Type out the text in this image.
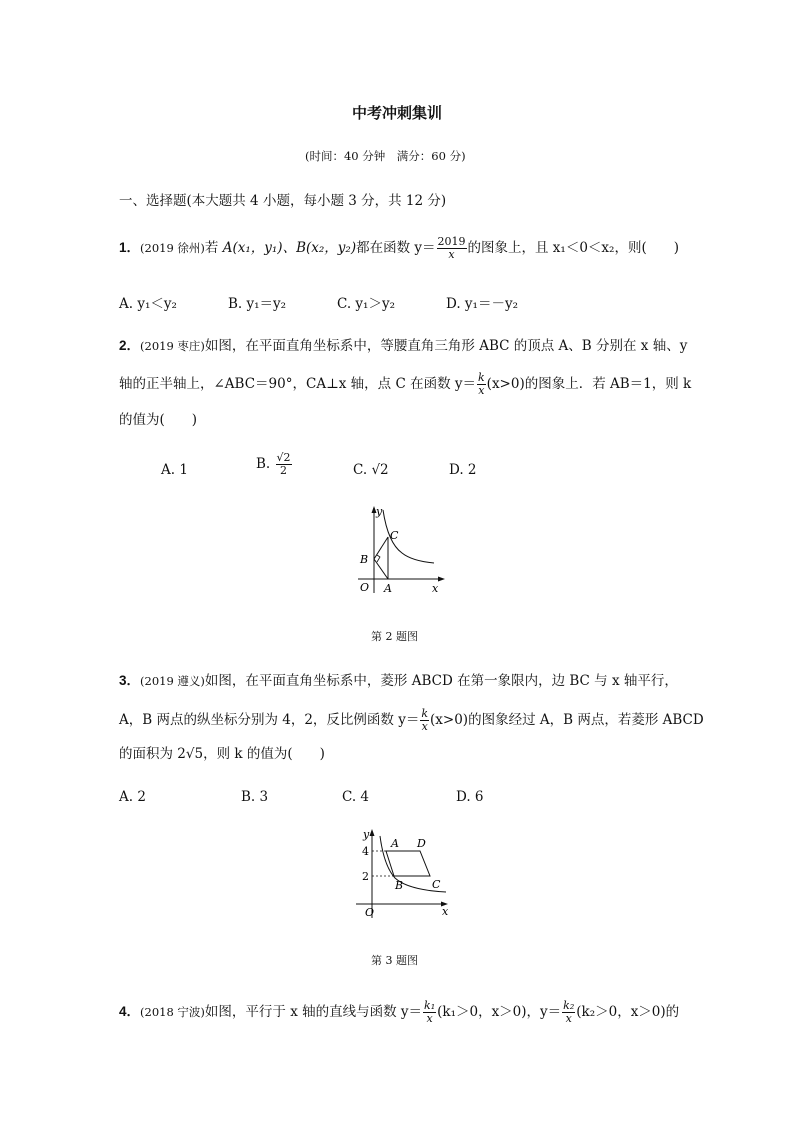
中考冲刺集训
(时间：40 分钟　满分：60 分)
一、选择题(本大题共 4 小题，每小题 3 分，共 12 分)
1．(2019 徐州)若 A(x₁，y₁)、B(x₂，y₂)都在函数 $y= \frac{2019}{x}$ 的图象上，且 x₁＜0＜x₂，则(　　)
A. y₁＜y₂	B. y₁＝y₂	C. y₁＞y₂	D. y₁＝－y₂
2．(2019 枣庄)如图，在平面直角坐标系中，等腰直角三角形 ABC 的顶点 A、B 分别在 x 轴、y
轴的正半轴上，∠ABC＝90°，CA⊥x 轴，点 C 在函数 $y= \frac{k}{x} (x>0)$的图象上．若 AB＝1，则 k
的值为(　　)
A. 1	B. $\frac{√2}{2}$	C. √2	D. 2
y
C
B
O A	x
第 2 题图
3．(2019 遵义)如图，在平面直角坐标系中，菱形 ABCD 在第一象限内，边 BC 与 x 轴平行，
A，B 两点的纵坐标分别为 4，2，反比例函数 $y= \frac{k}{x} (x>0)$的图象经过 A，B 两点，若菱形 ABCD
的面积为 2√5，则 k 的值为(　　)
A. 2	B. 3	C. 4	D. 6
y
4
A D
2
B	C
O	x
第 3 题图
4．(2018 宁波)如图，平行于 x 轴的直线与函数 $y= \frac{\text{k₁}}{x} (k_1>0$，x＞0)，$y= \frac{\text{k₂}}{x} (k_2>0$，x＞0)的
